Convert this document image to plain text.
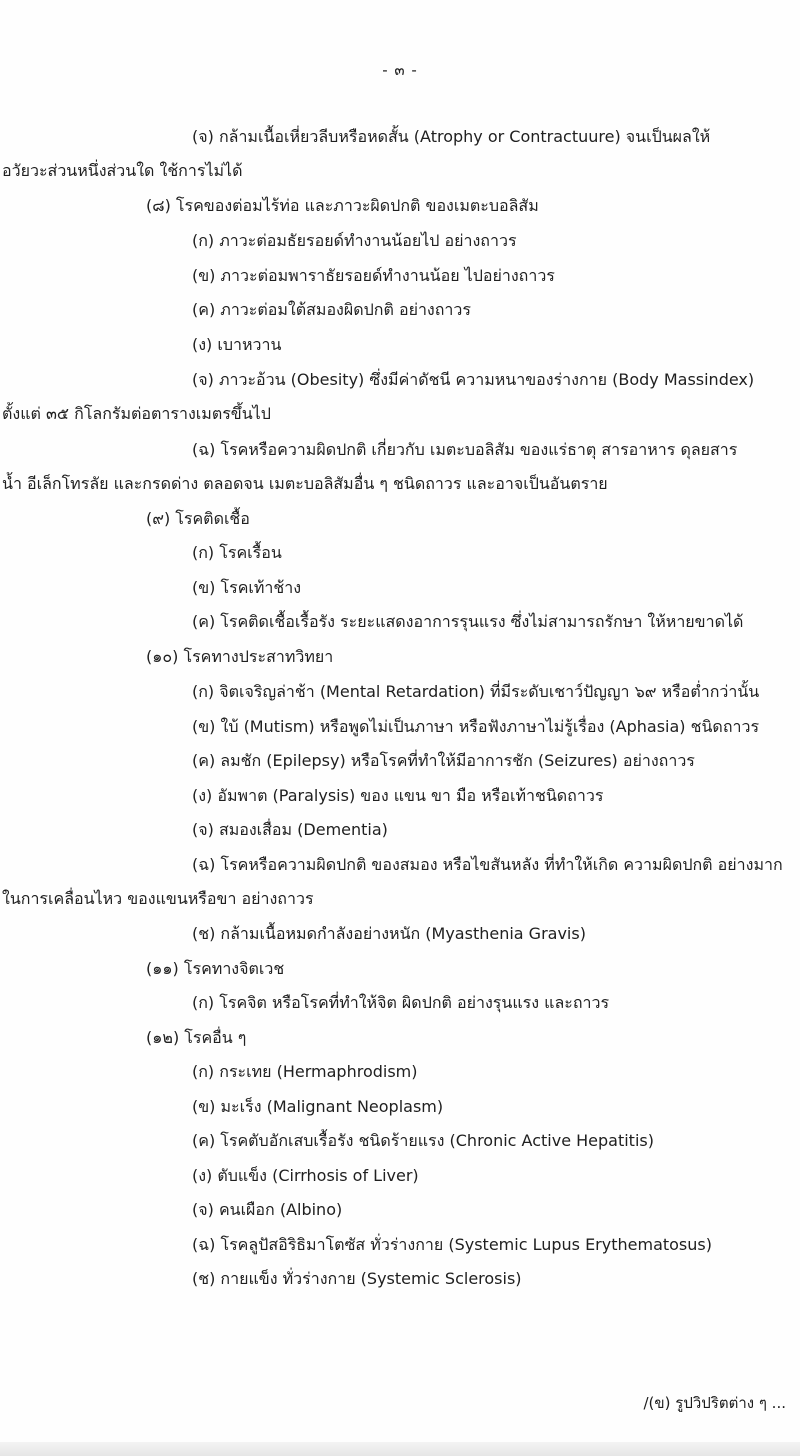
- ๓ -
(จ) กล้ามเนื้อเหี่ยวลีบหรือหดสั้น (Atrophy or Contractuure) จนเป็นผลให้
อวัยวะส่วนหนึ่งส่วนใด ใช้การไม่ได้
(๘) โรคของต่อมไร้ท่อ และภาวะผิดปกติ ของเมตะบอลิสัม
(ก) ภาวะต่อมธัยรอยด์ทำงานน้อยไป อย่างถาวร
(ข) ภาวะต่อมพาราธัยรอยด์ทำงานน้อย ไปอย่างถาวร
(ค) ภาวะต่อมใต้สมองผิดปกติ อย่างถาวร
(ง) เบาหวาน
(จ) ภาวะอ้วน (Obesity) ซึ่งมีค่าดัชนี ความหนาของร่างกาย (Body Massindex)
ตั้งแต่ ๓๕ กิโลกรัมต่อตารางเมตรขึ้นไป
(ฉ) โรคหรือความผิดปกติ เกี่ยวกับ เมตะบอลิสัม ของแร่ธาตุ สารอาหาร ดุลยสาร
น้ำ อีเล็กโทรลัย และกรดด่าง ตลอดจน เมตะบอลิสัมอื่น ๆ ชนิดถาวร และอาจเป็นอันตราย
(๙) โรคติดเชื้อ
(ก) โรคเรื้อน
(ข) โรคเท้าช้าง
(ค) โรคติดเชื้อเรื้อรัง ระยะแสดงอาการรุนแรง ซึ่งไม่สามารถรักษา ให้หายขาดได้
(๑๐) โรคทางประสาทวิทยา
(ก) จิตเจริญล่าช้า (Mental Retardation) ที่มีระดับเชาว์ปัญญา ๖๙ หรือต่ำกว่านั้น
(ข) ใบ้ (Mutism) หรือพูดไม่เป็นภาษา หรือฟังภาษาไม่รู้เรื่อง (Aphasia) ชนิดถาวร
(ค) ลมชัก (Epilepsy) หรือโรคที่ทำให้มีอาการชัก (Seizures) อย่างถาวร
(ง) อัมพาต (Paralysis) ของ แขน ขา มือ หรือเท้าชนิดถาวร
(จ) สมองเสื่อม (Dementia)
(ฉ) โรคหรือความผิดปกติ ของสมอง หรือไขสันหลัง ที่ทำให้เกิด ความผิดปกติ อย่างมาก
ในการเคลื่อนไหว ของแขนหรือขา อย่างถาวร
(ช) กล้ามเนื้อหมดกำลังอย่างหนัก (Myasthenia Gravis)
(๑๑) โรคทางจิตเวช
(ก) โรคจิต หรือโรคที่ทำให้จิต ผิดปกติ อย่างรุนแรง และถาวร
(๑๒) โรคอื่น ๆ
(ก) กระเทย (Hermaphrodism)
(ข) มะเร็ง (Malignant Neoplasm)
(ค) โรคตับอักเสบเรื้อรัง ชนิดร้ายแรง (Chronic Active Hepatitis)
(ง) ตับแข็ง (Cirrhosis of Liver)
(จ) คนเผือก (Albino)
(ฉ) โรคลูปัสอิริธิมาโตซัส ทั่วร่างกาย (Systemic Lupus Erythematosus)
(ช) กายแข็ง ทั่วร่างกาย (Systemic Sclerosis)
/(ข) รูปวิปริตต่าง ๆ ...
